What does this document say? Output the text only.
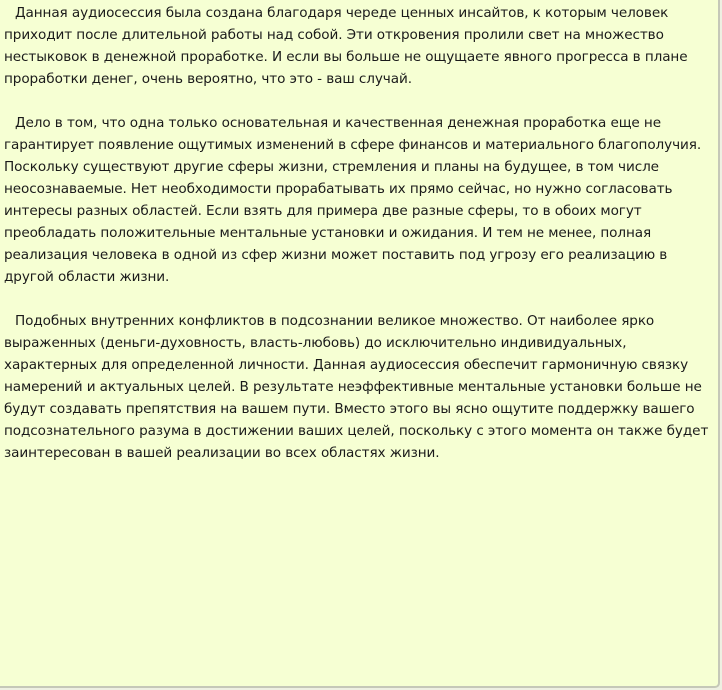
Данная аудиосессия была создана благодаря череде ценных инсайтов, к которым человек приходит после длительной работы над собой. Эти откровения пролили свет на множество нестыковок в денежной проработке. И если вы больше не ощущаете явного прогресса в плане проработки денег, очень вероятно, что это - ваш случай.

Дело в том, что одна только основательная и качественная денежная проработка еще не гарантирует появление ощутимых изменений в сфере финансов и материального благополучия. Поскольку существуют другие сферы жизни, стремления и планы на будущее, в том числе неосознаваемые. Нет необходимости прорабатывать их прямо сейчас, но нужно согласовать интересы разных областей. Если взять для примера две разные сферы, то в обоих могут преобладать положительные ментальные установки и ожидания. И тем не менее, полная реализация человека в одной из сфер жизни может поставить под угрозу его реализацию в другой области жизни.

Подобных внутренних конфликтов в подсознании великое множество. От наиболее ярко выраженных (деньги-духовность, власть-любовь) до исключительно индивидуальных, характерных для определенной личности. Данная аудиосессия обеспечит гармоничную связку намерений и актуальных целей. В результате неэффективные ментальные установки больше не будут создавать препятствия на вашем пути. Вместо этого вы ясно ощутите поддержку вашего подсознательного разума в достижении ваших целей, поскольку с этого момента он также будет заинтересован в вашей реализации во всех областях жизни.
